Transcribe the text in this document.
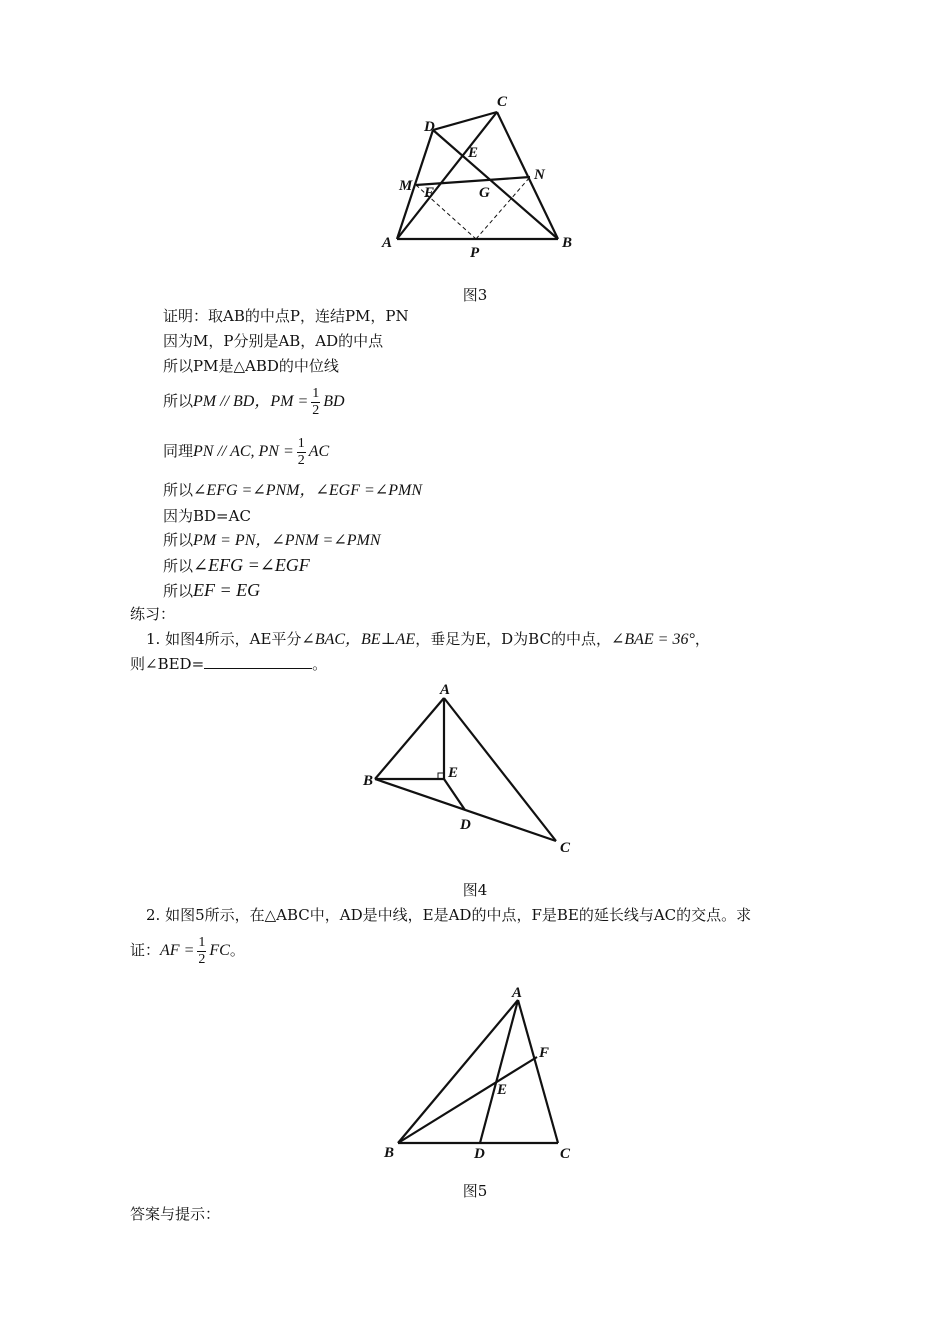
A	B
C
D
E
F	G
M
N
P
图3
证明：取AB的中点P，连结PM，PN
因为M，P分别是AB，AD的中点
所以PM是△ABD的中位线
所以PM // BD，PM = $\frac{1}{2}$ BD
同理PN // AC, PN = $\frac{1}{2}$ AC
所以∠EFG =∠PNM，∠EGF =∠PMN
因为BD=AC
所以PM = PN，∠PNM =∠PMN
所以∠EFG =∠EGF
所以EF = EG
练习：
1. 如图4所示，AE平分∠BAC，BE⊥AE，垂足为E，D为BC的中点，∠BAE = 36°，
则∠BED=	。
A
B
C
D
E
图4
2. 如图5所示，在△ABC中，AD是中线，E是AD的中点，F是BE的延长线与AC的交点。求
证：AF = $\frac{1}{2}$ FC。
A
B	C
D
E
F
图5
答案与提示：
